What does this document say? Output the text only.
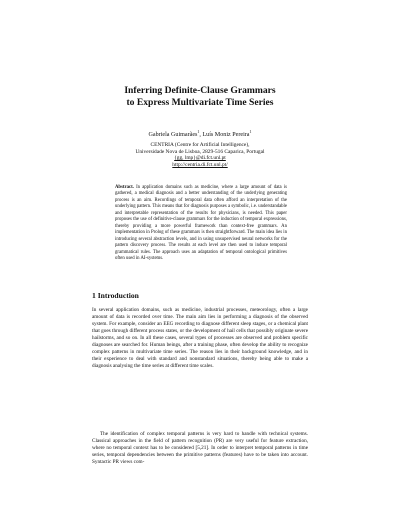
Inferring Definite-Clause Grammars
to Express Multivariate Time Series
Gabriela Guimarães$^1$, Luís Moniz Pereira$^1$
CENTRIA (Centre for Artificial Intelligence),
Universidade Nova de Lisboa, 2829-516 Caparica, Portugal
{gg, lmp}@di.fct.unl.pt
http://centria.di.fct.unl.pt/
Abstract. In application domains such as medicine, where a large amount of data is gathered, a medical diagnosis and a better understanding of the underlying generating process is an aim. Recordings of temporal data often afford an interpretation of the underlying pattern. This means that for diagnosis purposes a symbolic, i.e. understandable and interpretable representation of the results for physicians, is needed. This paper proposes the use of definitive-clause grammars for the induction of temporal expressions, thereby providing a more powerful framework than context-free grammars. An implementation in Prolog of these grammars is then straightforward. The main idea lies in introducing several abstraction levels, and in using unsupervised neural networks for the pattern discovery process. The results at each level are then used to induce temporal grammatical rules. The approach uses an adaptation of temporal ontological primitives often used in AI-systems.
1 Introduction
In several application domains, such as medicine, industrial processes, meteorology, often a large amount of data is recorded over time. The main aim lies in performing a diagnosis of the observed system. For example, consider an EEG recording to diagnose different sleep stages, or a chemical plant that goes through different process states, or the development of hail cells that possibly originate severe hailstorms, and so on. In all these cases, several types of processes are observed and problem specific diagnoses are searched for. Human beings, after a training phase, often develop the ability to recognize complex patterns in multivariate time series. The reason lies in their background knowledge, and in their experience to deal with standard and nonstandard situations, thereby being able to make a diagnosis analysing the time series at different time scales.
The identification of complex temporal patterns is very hard to handle with technical systems. Classical approaches in the field of pattern recognition (PR) are very useful for feature extraction, where no temporal context has to be considered [5,21]. In order to interpret temporal patterns in time series, temporal dependencies between the primitive patterns (features) have to be taken into account. Syntactic PR views com-
